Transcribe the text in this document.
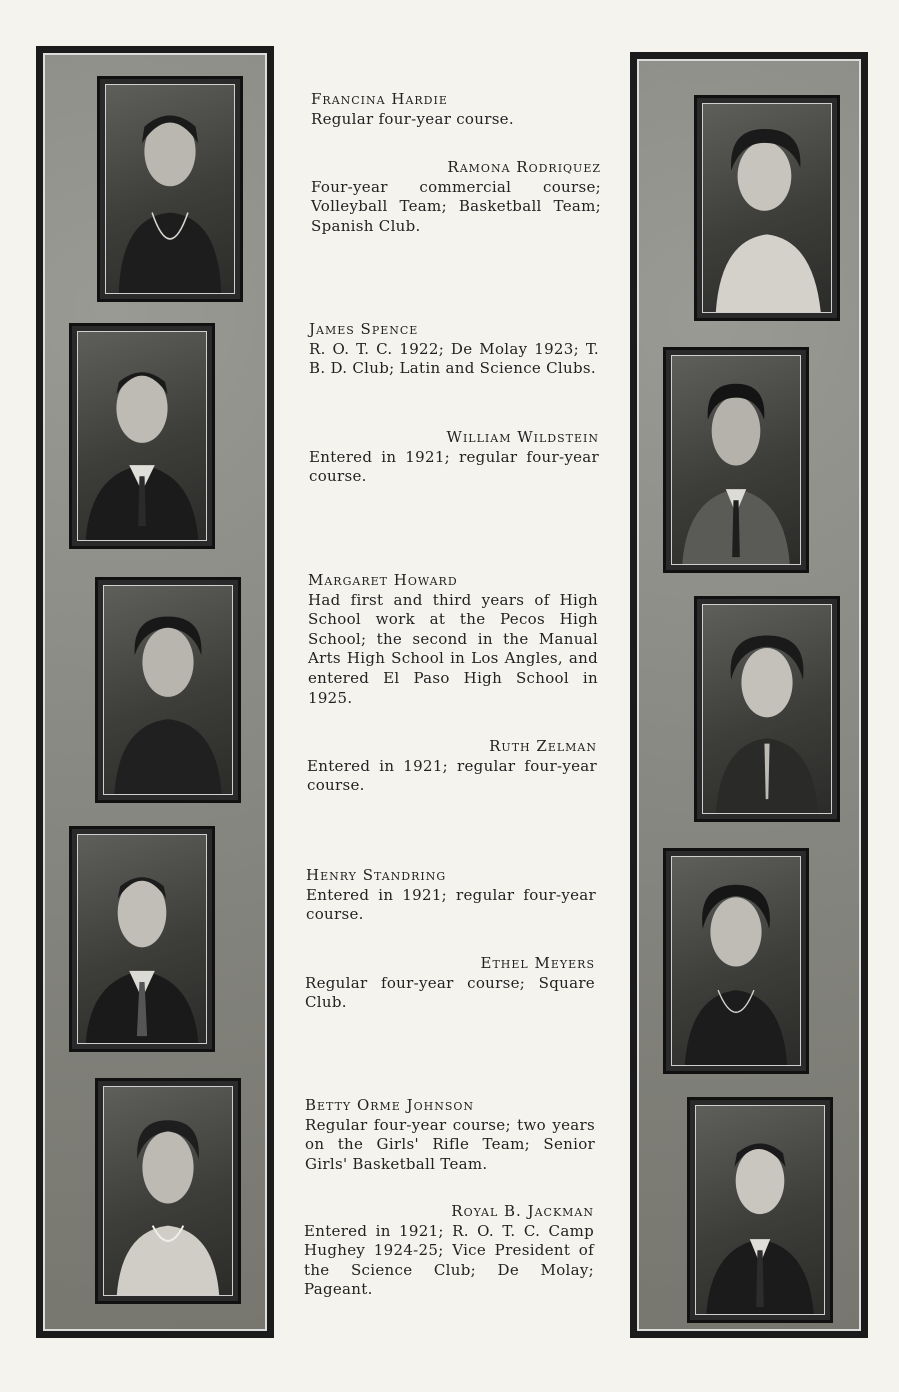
Francina Hardie
Regular four-year course.
Ramona Rodriquez
Four-year commercial course; Volleyball Team; Basketball Team; Spanish Club.
James Spence
R. O. T. C. 1922; De Molay 1923; T. B. D. Club; Latin and Science Clubs.
William Wildstein
Entered in 1921; regular four-year course.
Margaret Howard
Had first and third years of High School work at the Pecos High School; the second in the Manual Arts High School in Los Angles, and entered El Paso High School in 1925.
Ruth Zelman
Entered in 1921; regular four-year course.
Henry Standring
Entered in 1921; regular four-year course.
Ethel Meyers
Regular four-year course; Square Club.
Betty Orme Johnson
Regular four-year course; two years on the Girls' Rifle Team; Senior Girls' Basketball Team.
Royal B. Jackman
Entered in 1921; R. O. T. C. Camp Hughey 1924-25; Vice President of the Science Club; De Molay; Pageant.
